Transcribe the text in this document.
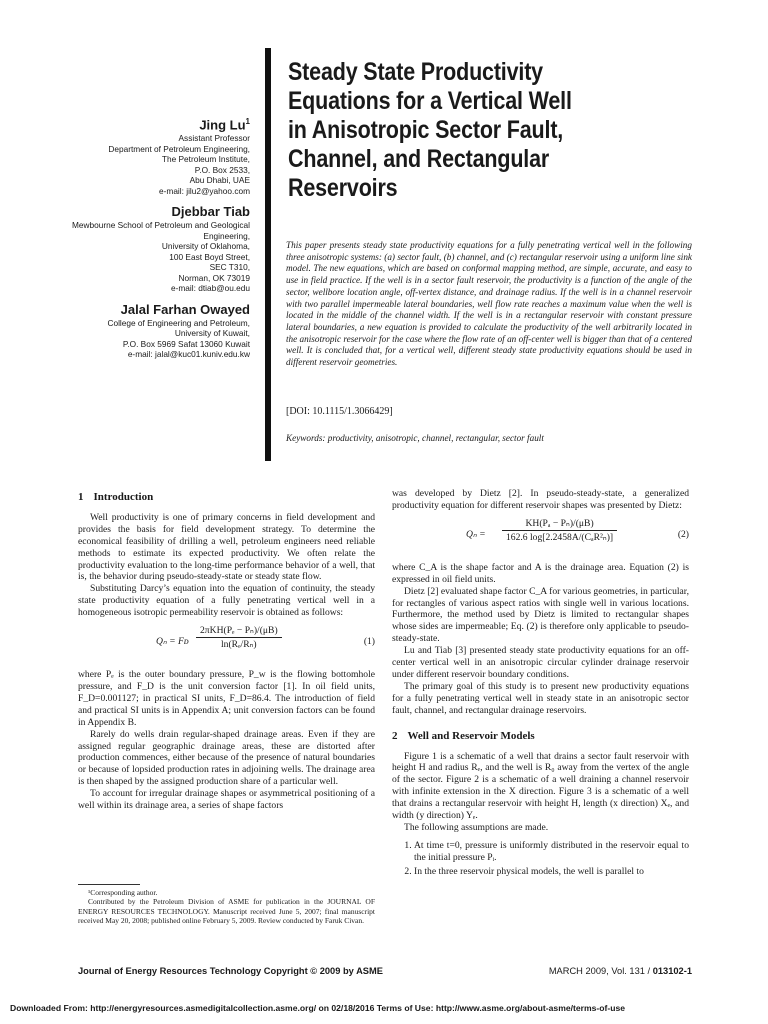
Jing Lu$^1$
Assistant Professor
Department of Petroleum Engineering,
The Petroleum Institute,
P.O. Box 2533,
Abu Dhabi, UAE
e-mail: jilu2@yahoo.com
Djebbar Tiab
Mewbourne School of Petroleum and Geological
Engineering,
University of Oklahoma,
100 East Boyd Street,
SEC T310,
Norman, OK 73019
e-mail: dtiab@ou.edu
Jalal Farhan Owayed
College of Engineering and Petroleum,
University of Kuwait,
P.O. Box 5969 Safat 13060 Kuwait
e-mail: jalal@kuc01.kuniv.edu.kw
Steady State Productivity Equations for a Vertical Well in Anisotropic Sector Fault, Channel, and Rectangular Reservoirs

This paper presents steady state productivity equations for a fully penetrating vertical well in the following three anisotropic systems: (a) sector fault, (b) channel, and (c) rectangular reservoir using a uniform line sink model. The new equations, which are based on conformal mapping method, are simple, accurate, and easy to use in field practice. If the well is in a sector fault reservoir, the productivity is a function of the angle of the sector, wellbore location angle, off-vertex distance, and drainage radius. If the well is in a channel reservoir with two parallel impermeable lateral boundaries, well flow rate reaches a maximum value when the well is located in the middle of the channel width. If the well is in a rectangular reservoir with constant pressure lateral boundaries, a new equation is provided to calculate the productivity of the well arbitrarily located in the anisotropic reservoir for the case where the flow rate of an off-center well is bigger than that of a centered well. It is concluded that, for a vertical well, different steady state productivity equations should be used in different reservoir geometries.

[DOI: 10.1115/1.3066429]
Keywords: productivity, anisotropic, channel, rectangular, sector fault
1 Introduction

Well productivity is one of primary concerns in field development and provides the basis for field development strategy. To determine the economical feasibility of drilling a well, petroleum engineers need reliable methods to estimate its expected productivity. We often relate the productivity evaluation to the long-time performance behavior of a well, that is, the behavior during pseudo-steady-state or steady state flow.

Substituting Darcy’s equation into the equation of continuity, the steady state productivity equation of a fully penetrating vertical well in a homogeneous isotropic permeability reservoir is obtained as follows:

Qₙ = Fᴅ
2πKH(Pₑ − Pₙ)/(μB)
ln(Rₑ/Rₙ)	(1)

where Pₑ is the outer boundary pressure, P_w is the flowing bottomhole pressure, and F_D is the unit conversion factor [1]. In oil field units, F_D=0.001127; in practical SI units, F_D=86.4. The introduction of field and practical SI units is in Appendix A; unit conversion factors can be found in Appendix B.

Rarely do wells drain regular-shaped drainage areas. Even if they are assigned regular geographic drainage areas, these are distorted after production commences, either because of the presence of natural boundaries or because of lopsided production rates in adjoining wells. The drainage area is then shaped by the assigned production share of a particular well.

To account for irregular drainage shapes or asymmetrical positioning of a well within its drainage area, a series of shape factors

¹Corresponding author.

Contributed by the Petroleum Division of ASME for publication in the JOURNAL OF ENERGY RESOURCES TECHNOLOGY. Manuscript received June 5, 2007; final manuscript received May 20, 2008; published online February 5, 2009. Review conducted by Faruk Civan.

was developed by Dietz [2]. In pseudo-steady-state, a generalized productivity equation for different reservoir shapes was presented by Dietz:

Qₙ =
KH(Pₐ − Pₙ)/(μB)
162.6 log[2.2458A/(CₐR²ₙ)]	(2)

where C_A is the shape factor and A is the drainage area. Equation (2) is expressed in oil field units.

Dietz [2] evaluated shape factor C_A for various geometries, in particular, for rectangles of various aspect ratios with single well in various locations. Furthermore, the method used by Dietz is limited to rectangular shapes whose sides are impermeable; Eq. (2) is therefore only applicable to pseudo-steady-state.

Lu and Tiab [3] presented steady state productivity equations for an off-center vertical well in an anisotropic circular cylinder drainage reservoir under different reservoir boundary conditions.

The primary goal of this study is to present new productivity equations for a fully penetrating vertical well in steady state in an anisotropic sector fault, channel, and rectangular drainage reservoirs.

2 Well and Reservoir Models

Figure 1 is a schematic of a well that drains a sector fault reservoir with height H and radius Rₑ, and the well is R₀ away from the vertex of the angle of the sector. Figure 2 is a schematic of a well draining a channel reservoir with infinite extension in the X direction. Figure 3 is a schematic of a well that drains a rectangular reservoir with height H, length (x direction) Xₑ, and width (y direction) Yₑ.

The following assumptions are made.

1. At time t=0, pressure is uniformly distributed in the reservoir equal to the initial pressure Pᵢ.
2. In the three reservoir physical models, the well is parallel to
Journal of Energy Resources Technology Copyright © 2009 by ASME	MARCH 2009, Vol. 131 / 013102-1
Downloaded From: http://energyresources.asmedigitalcollection.asme.org/ on 02/18/2016 Terms of Use: http://www.asme.org/about-asme/terms-of-use
